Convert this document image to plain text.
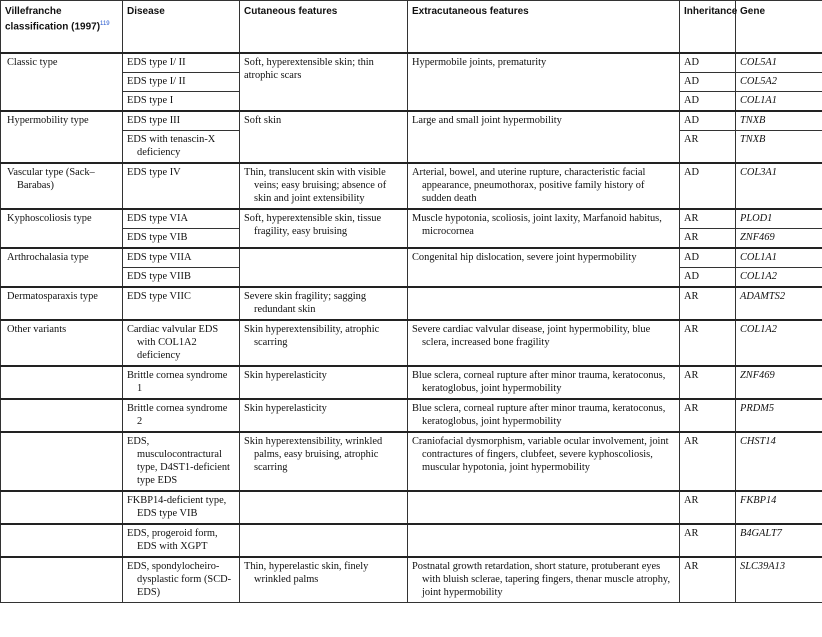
Villefranche classification (1997)$^{119}$	Disease	Cutaneous features	Extracutaneous features	Inheritance	Gene
Classic type	EDS type I/ II	Soft, hyperextensible skin; thin atrophic scars	Hypermobile joints, prematurity	AD	COL5A1
	EDS type I/ II			AD	COL5A2
	EDS type I			AD	COL1A1

Hypermobility type	EDS type III	Soft skin	Large and small joint hypermobility	AD	TNXB

	EDS with tenascin-X deficiency			AR	TNXB

Vascular type (Sack–Barabas)	EDS type IV	Thin, translucent skin with visible veins; easy bruising; absence of skin and joint extensibility	Arterial, bowel, and uterine rupture, characteristic facial appearance, pneumothorax, positive family history of sudden death	AD	COL3A1

Kyphoscoliosis type	EDS type VIA	Soft, hyperextensible skin, tissue fragility, easy bruising	Muscle hypotonia, scoliosis, joint laxity, Marfanoid habitus, microcornea	AR	PLOD1
	EDS type VIB			AR	ZNF469
Arthrochalasia type	EDS type VIIA		Congenital hip dislocation, severe joint hypermobility	AD	COL1A1
	EDS type VIIB			AD	COL1A2

Dermatosparaxis type	EDS type VIIC	Severe skin fragility; sagging redundant skin		AR	ADAMTS2
Other variants	Cardiac valvular EDS with COL1A2 deficiency	Skin hyperextensibility, atrophic scarring	Severe cardiac valvular disease, joint hypermobility, blue sclera, increased bone fragility	AR	COL1A2

	Brittle cornea syndrome 1	Skin hyperelasticity	Blue sclera, corneal rupture after minor trauma, keratoconus, keratoglobus, joint hypermobility	AR	ZNF469

	Brittle cornea syndrome 2	Skin hyperelasticity	Blue sclera, corneal rupture after minor trauma, keratoconus, keratoglobus, joint hypermobility	AR	PRDM5

	EDS, musculocontractural type, D4ST1-deficient type EDS	Skin hyperextensibility, wrinkled palms, easy bruising, atrophic scarring	Craniofacial dysmorphism, variable ocular involvement, joint contractures of fingers, clubfeet, severe kyphoscoliosis, muscular hypotonia, joint hypermobility	AR	CHST14

	FKBP14-deficient type, EDS type VIB			AR	FKBP14

	EDS, progeroid form, EDS with XGPT			AR	B4GALT7

	EDS, spondylocheiro-dysplastic form (SCD-EDS)	Thin, hyperelastic skin, finely wrinkled palms	Postnatal growth retardation, short stature, protuberant eyes with bluish sclerae, tapering fingers, thenar muscle atrophy, joint hypermobility	AR	SLC39A13
